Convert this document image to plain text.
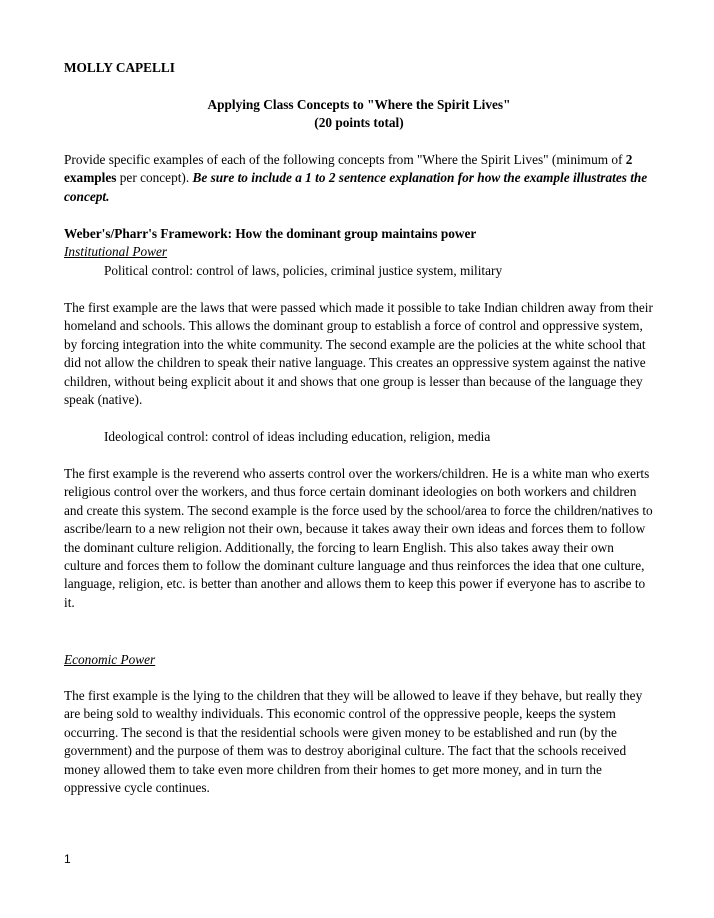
MOLLY CAPELLI

Applying Class Concepts to "Where the Spirit Lives"

(20 points total)

Provide specific examples of each of the following concepts from "Where the Spirit Lives" (minimum of 2 examples per concept). Be sure to include a 1 to 2 sentence explanation for how the example illustrates the concept.

Weber's/Pharr's Framework: How the dominant group maintains power

Institutional Power

Political control: control of laws, policies, criminal justice system, military

The first example are the laws that were passed which made it possible to take Indian children away from their homeland and schools. This allows the dominant group to establish a force of control and oppressive system, by forcing integration into the white community. The second example are the policies at the white school that did not allow the children to speak their native language. This creates an oppressive system against the native children, without being explicit about it and shows that one group is lesser than because of the language they speak (native).

Ideological control: control of ideas including education, religion, media

The first example is the reverend who asserts control over the workers/children. He is a white man who exerts religious control over the workers, and thus force certain dominant ideologies on both workers and children and create this system. The second example is the force used by the school/area to force the children/natives to ascribe/learn to a new religion not their own, because it takes away their own ideas and forces them to follow the dominant culture religion. Additionally, the forcing to learn English. This also takes away their own culture and forces them to follow the dominant culture language and thus reinforces the idea that one culture, language, religion, etc. is better than another and allows them to keep this power if everyone has to ascribe to it.

Economic Power

The first example is the lying to the children that they will be allowed to leave if they behave, but really they are being sold to wealthy individuals. This economic control of the oppressive people, keeps the system occurring. The second is that the residential schools were given money to be established and run (by the government) and the purpose of them was to destroy aboriginal culture. The fact that the schools received money allowed them to take even more children from their homes to get more money, and in turn the oppressive cycle continues.

1
